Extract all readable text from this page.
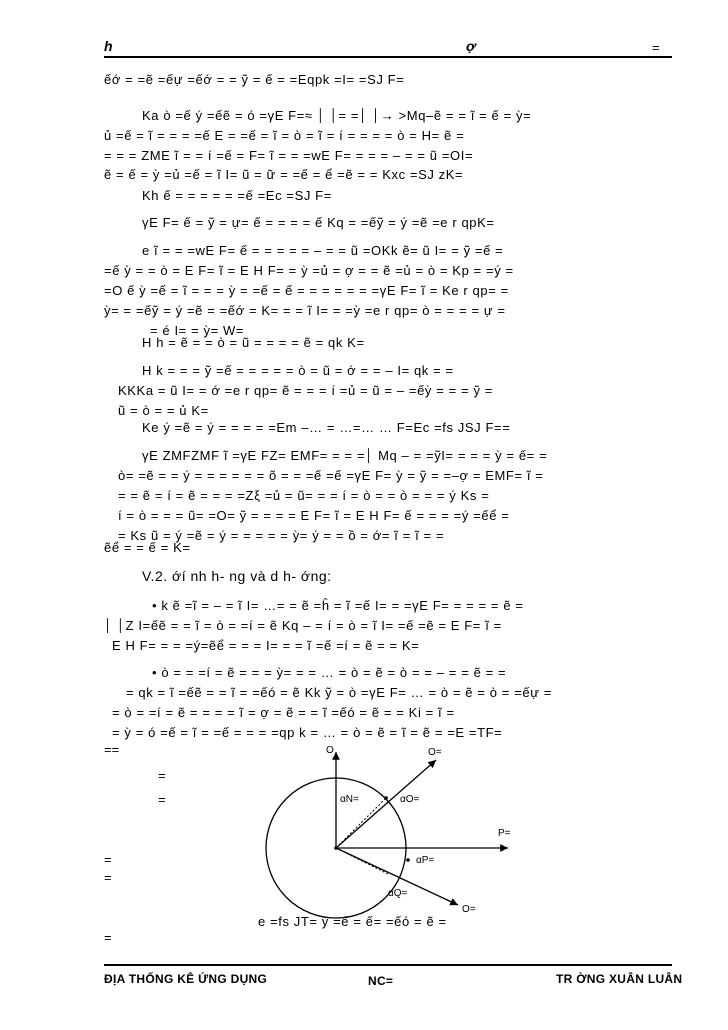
h	ợ	=
ếớ = =ẽ =ếự =ếớ = = ỹ = ế = =Eqpk =I= =SJ F=
Ka ò =ế ý =ếẽ = ó =γE F=≈ │ │= =│ │→ >Mq–ẽ = = ĩ = ế = ỳ=
ủ =ế = ĩ = = = =ế E = =ế = ĩ = ò = ĩ = í = = = = ò = H= ẽ =
= = = ZME ĩ = = í =ế = F= ĩ = = =wE F= = = = – = = ũ =OI=
ẽ = ế = ỳ =ủ =ế = ĩ I= ũ = ữ = =ế = ể =ẽ = = Kxc =SJ zK=
Kh ế = = = = = =ế =Ec =SJ F=
γE F= ế = ỹ = ự= ế = = = = ế Kq = =ếỹ = ý =ẽ =e r qpK=
e ĩ = = =wE F= ế = = = = = – = = ũ =OKk ẽ= ũ I= = ỹ =ế =
=ế ỳ = = ò = E F= ĩ = E H F= = ỳ =ủ = ợ = = ẽ =ủ = ò = Kp = =ý =
=O ế ỳ =ế = ĩ = = = ỳ = =ế = ế = = = = = = =γE F= ĩ = Ke r qp= =
ỳ= = =ếỹ = ý =ẽ = =ếớ = K= = = ĩ I= = =ỳ =e r qp= ò = = = = ự =
= é I= = ỳ= W=
H h = ẽ = = ò = ũ = = = = ẽ = qk K=
H k = = = ỹ =ế = = = = = ò = ũ = ớ = = – I= qk = =
KKKa = ũ I= = ớ =e r qp= ẽ = = = í =ủ = ũ = – =ếỳ = = = ỹ =
ũ = ò = = ủ K=
Ke ý =ẽ = ý = = = = =Em –… = …=… … F=Ec =fs JSJ F==
γE ZMFZMF ĩ =γE FZ= EMF= = = =│ Mq – = =ỹI= = = = ỳ = ế= =
ò= =ẽ = = ý = = = = = = õ = = =ế =ế =γE F= ỳ = ỹ = =–ợ = EMF= ĩ =
= = ẽ = í = ẽ = = = =Zξ =ủ = ũ= = = í = ò = = ò = = = ý Ks =
í = ò = = = ũ= =O= ỹ = = = = E F= ĩ = E H F= ế = = = =ý =ếể =
= Ks ũ = ý =ẽ = ý = = = = = ỳ= ý = = ồ = ớ= ĩ = ĩ = =
ẽể = = ế = K=
V.2. ớí nh h- ng và d h- ớng:
• k ẽ =ĩ = – = ĩ I= …= = ẽ =ĥ = ĩ =ế I= = =γE F= = = = = ẽ =
│ │Z I=ếẽ = = ĩ = ò = =í = ẽ Kq – = í = ò = ĩ I= =ế =ẽ = E F= ĩ =
E H F= = = =ý=ẽể = = = I= = = ĩ =ế =í = ẽ = = K=
• ò = = =í = ẽ = = = ỳ= = = … = ò = ẽ = ò = = – = = ẽ = =
= qk = ĩ =ếẽ = = ĩ = =ếó = ẽ Kk ỹ = ò =γE F= … = ò = ẽ = ò = =ếự =
= ò = =í = ẽ = = = = ĩ = ợ = ẽ = = ĩ =ếó = ẽ = = Ki = ĩ =
= ỳ = ó =ế = ĩ = =ế = = = =qp k = … = ò = ẽ = ĩ = ẽ = =E =TF=
==
=
=
=
=
=
O	O=
αN=	αO=
P=
αP=
αQ=
O=
e =fs JT= ỳ =ế = ế= =ếó = ẽ =
ĐỊA THỐNG KÊ ỨNG DỤNG	NC=	TR ỜNG XUÂN LUÂN
